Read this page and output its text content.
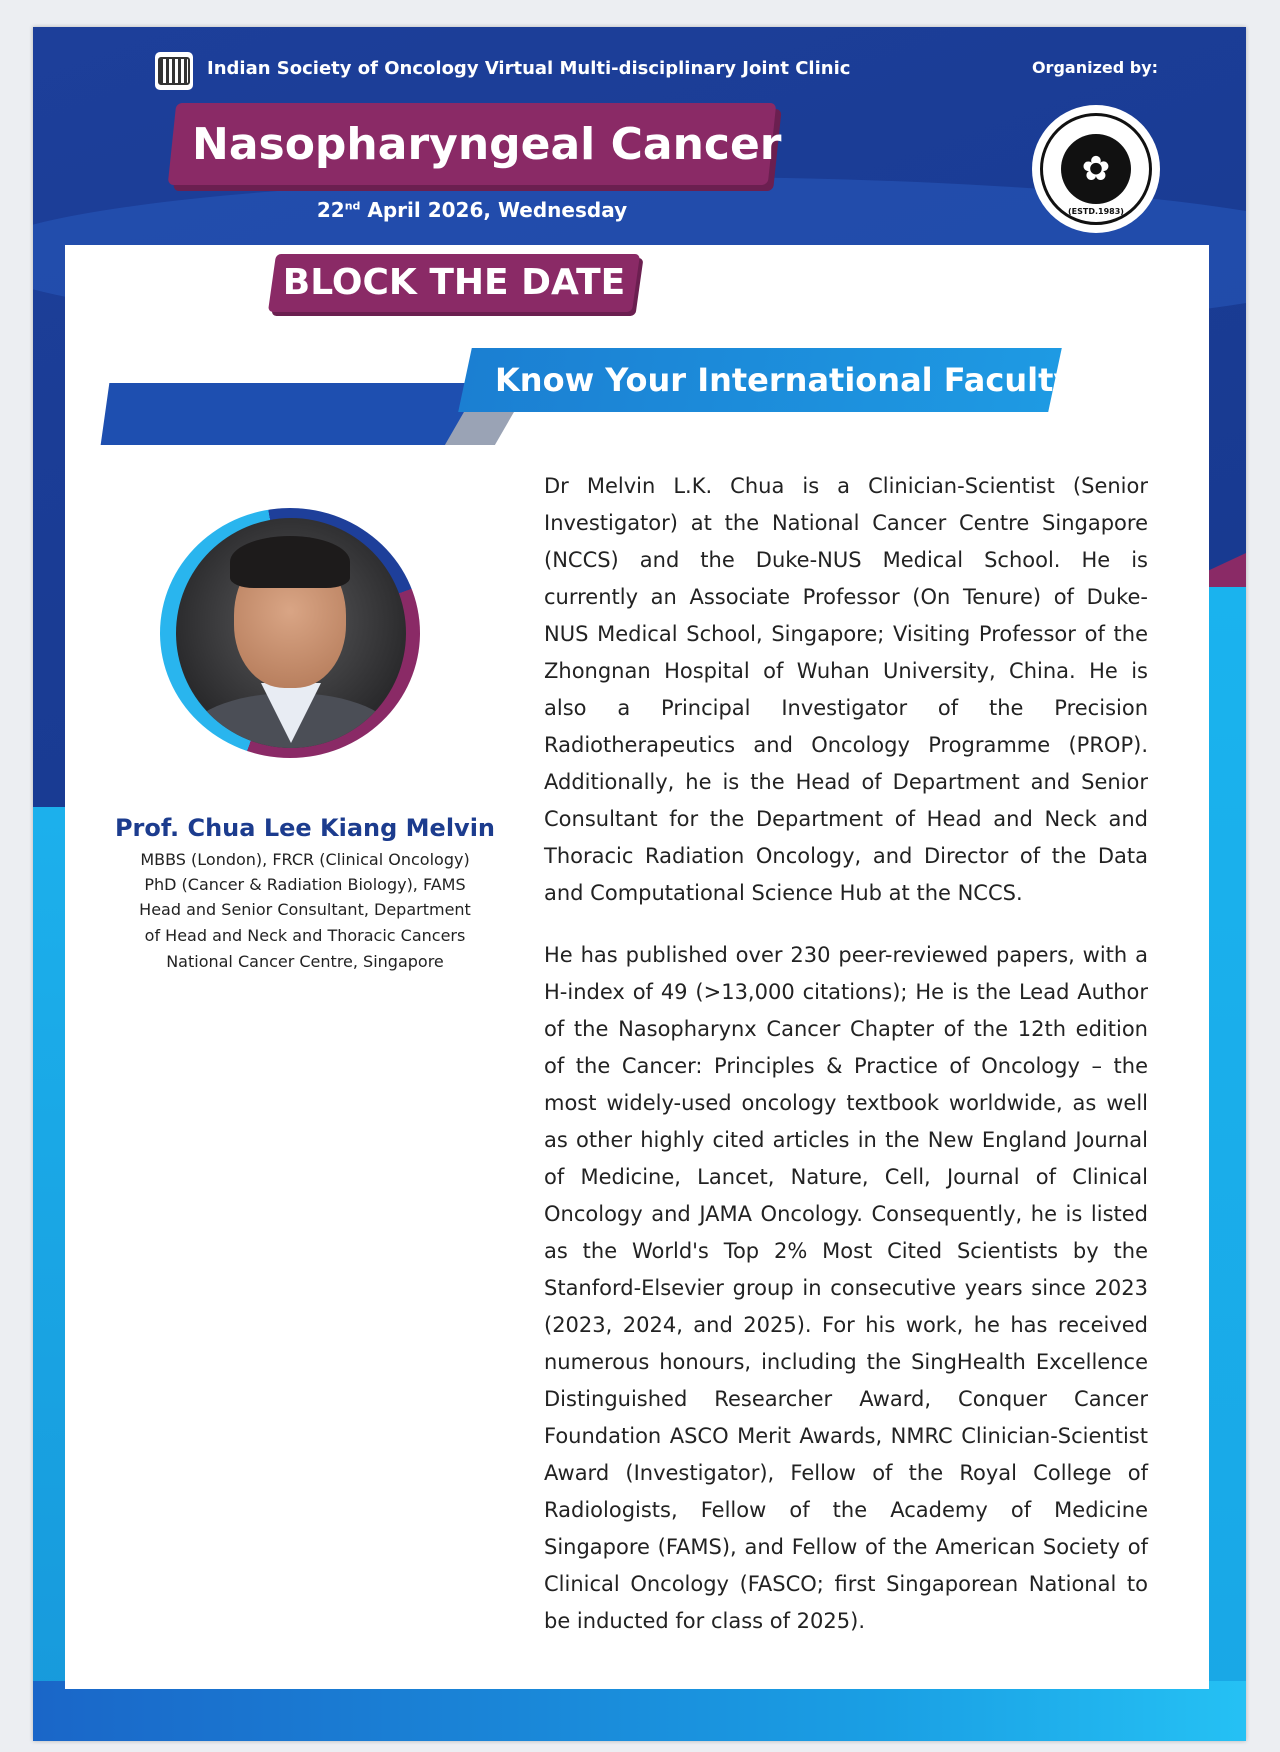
Indian Society of Oncology Virtual Multi-disciplinary Joint Clinic
Nasopharyngeal Cancer
22nd April 2026, Wednesday
Organized by:
✿
(ESTD.1983)
BLOCK THE DATE
Know Your International Faculty
Prof. Chua Lee Kiang Melvin
MBBS (London), FRCR (Clinical Oncology)
PhD (Cancer & Radiation Biology), FAMS
Head and Senior Consultant, Department
of Head and Neck and Thoracic Cancers
National Cancer Centre, Singapore

Dr Melvin L.K. Chua is a Clinician-Scientist (Senior Investigator) at the National Cancer Centre Singapore (NCCS) and the Duke-NUS Medical School. He is currently an Associate Professor (On Tenure) of Duke-NUS Medical School, Singapore; Visiting Professor of the Zhongnan Hospital of Wuhan University, China. He is also a Principal Investigator of the Precision Radiotherapeutics and Oncology Programme (PROP). Additionally, he is the Head of Department and Senior Consultant for the Department of Head and Neck and Thoracic Radiation Oncology, and Director of the Data and Computational Science Hub at the NCCS.

He has published over 230 peer-reviewed papers, with a H-index of 49 (>13,000 citations); He is the Lead Author of the Nasopharynx Cancer Chapter of the 12th edition of the Cancer: Principles & Practice of Oncology – the most widely-used oncology textbook worldwide, as well as other highly cited articles in the New England Journal of Medicine, Lancet, Nature, Cell, Journal of Clinical Oncology and JAMA Oncology. Consequently, he is listed as the World's Top 2% Most Cited Scientists by the Stanford-Elsevier group in consecutive years since 2023 (2023, 2024, and 2025). For his work, he has received numerous honours, including the SingHealth Excellence Distinguished Researcher Award, Conquer Cancer Foundation ASCO Merit Awards, NMRC Clinician-Scientist Award (Investigator), Fellow of the Royal College of Radiologists, Fellow of the Academy of Medicine Singapore (FAMS), and Fellow of the American Society of Clinical Oncology (FASCO; first Singaporean National to be inducted for class of 2025).
